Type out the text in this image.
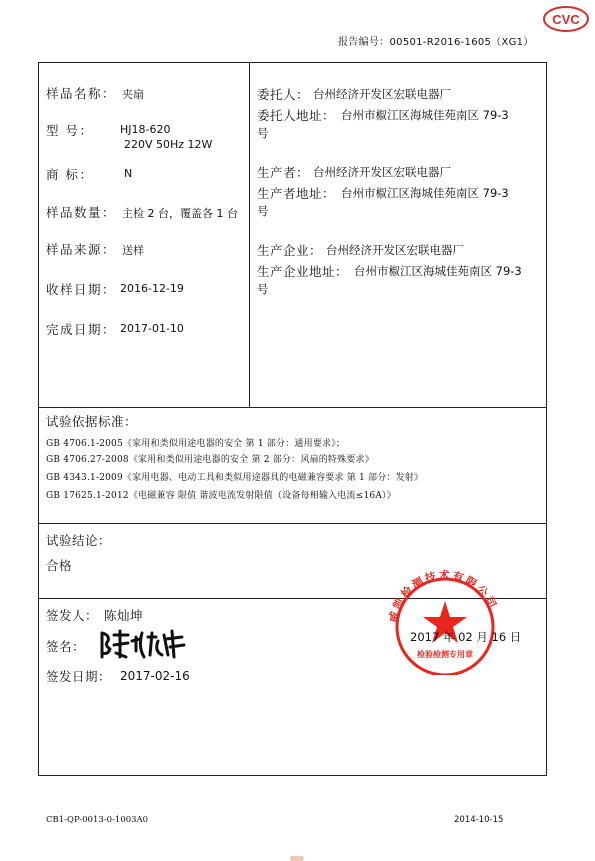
CVC
报告编号：00501-R2016-1605（XG1）
样品名称： 夹扇
型 号： HJ18-620
220V 50Hz 12W
商 标：	N
样品数量： 主检 2 台，覆盖各 1 台
样品来源： 送样
收样日期： 2016-12-19
完成日期： 2017-01-10
委托人： 台州经济开发区宏联电器厂
委托人地址： 台州市椒江区海城佳苑南区 79-3
号
生产者： 台州经济开发区宏联电器厂
生产者地址： 台州市椒江区海城佳苑南区 79-3
号
生产企业： 台州经济开发区宏联电器厂
生产企业地址： 台州市椒江区海城佳苑南区 79-3
号
试验依据标准：
GB 4706.1-2005《家用和类似用途电器的安全 第 1 部分：通用要求》；
GB 4706.27-2008《家用和类似用途电器的安全 第 2 部分：风扇的特殊要求》
GB 4343.1-2009《家用电器、电动工具和类似用途器具的电磁兼容要求 第 1 部分：发射》
GB 17625.1-2012《电磁兼容 限值 谐波电流发射限值（设备每相输入电流≤16A）》
试验结论：
合格
签发人： 陈灿坤
签名：
签发日期： 2017-02-16
威凯检测技术有限公司
检验检测专用章
2017 年 02 月 16 日
CB1-QP-0013-0-1003A0	2014-10-15
